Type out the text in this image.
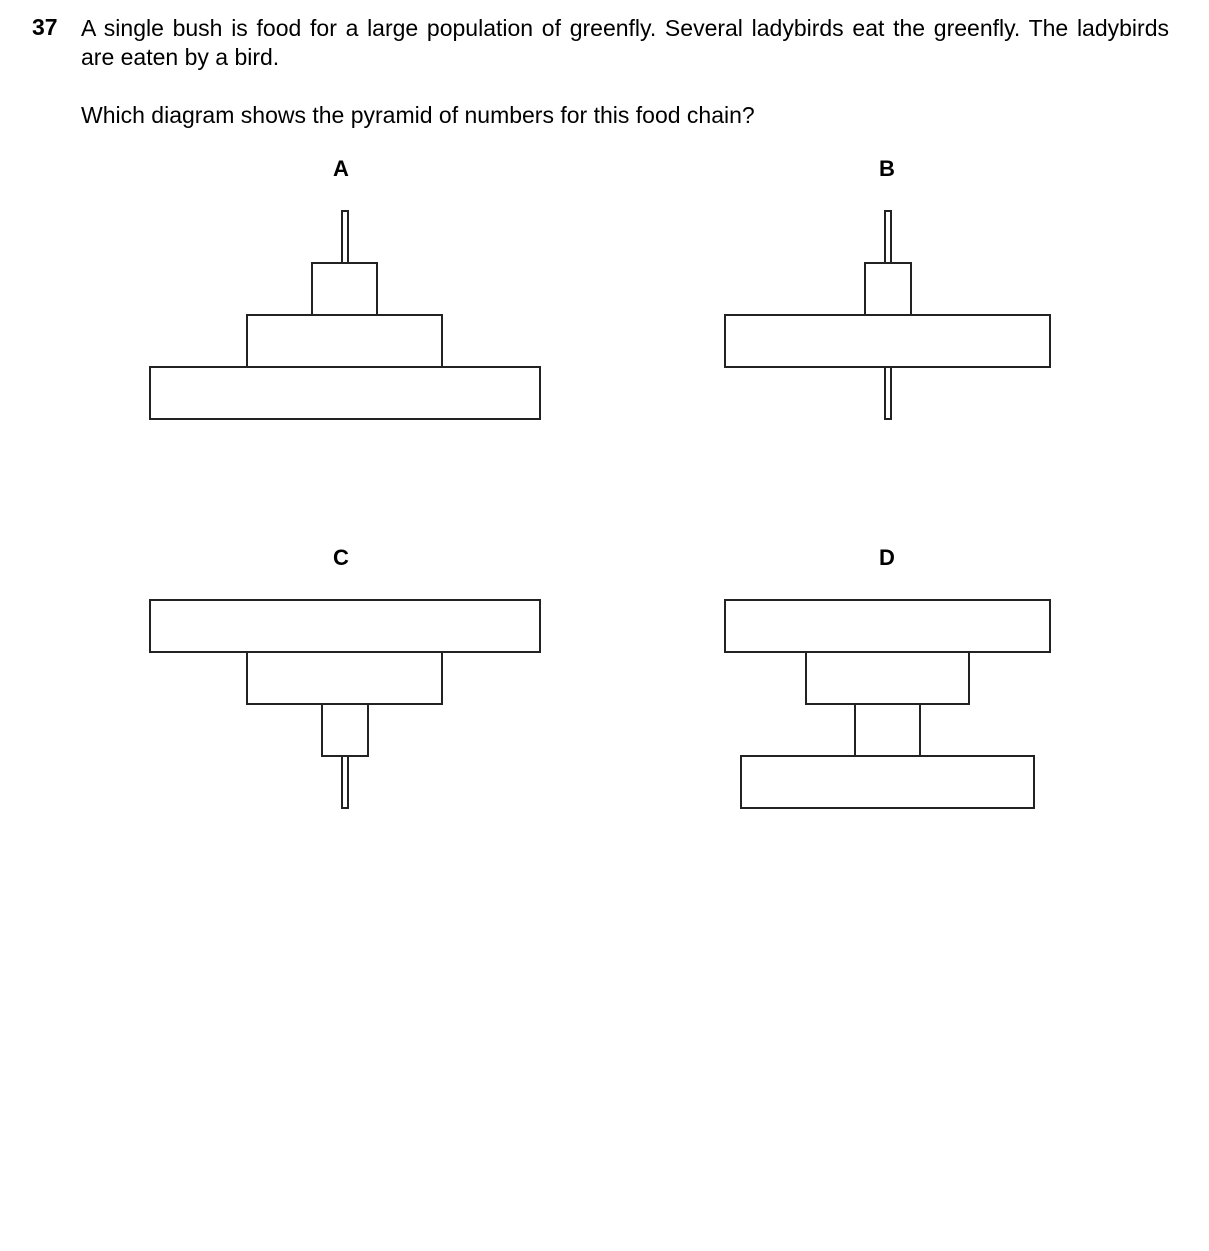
37 A single bush is food for a large population of greenfly. Several ladybirds eat the greenfly. The ladybirds are eaten by a bird.
Which diagram shows the pyramid of numbers for this food chain?
A	B
C	D
